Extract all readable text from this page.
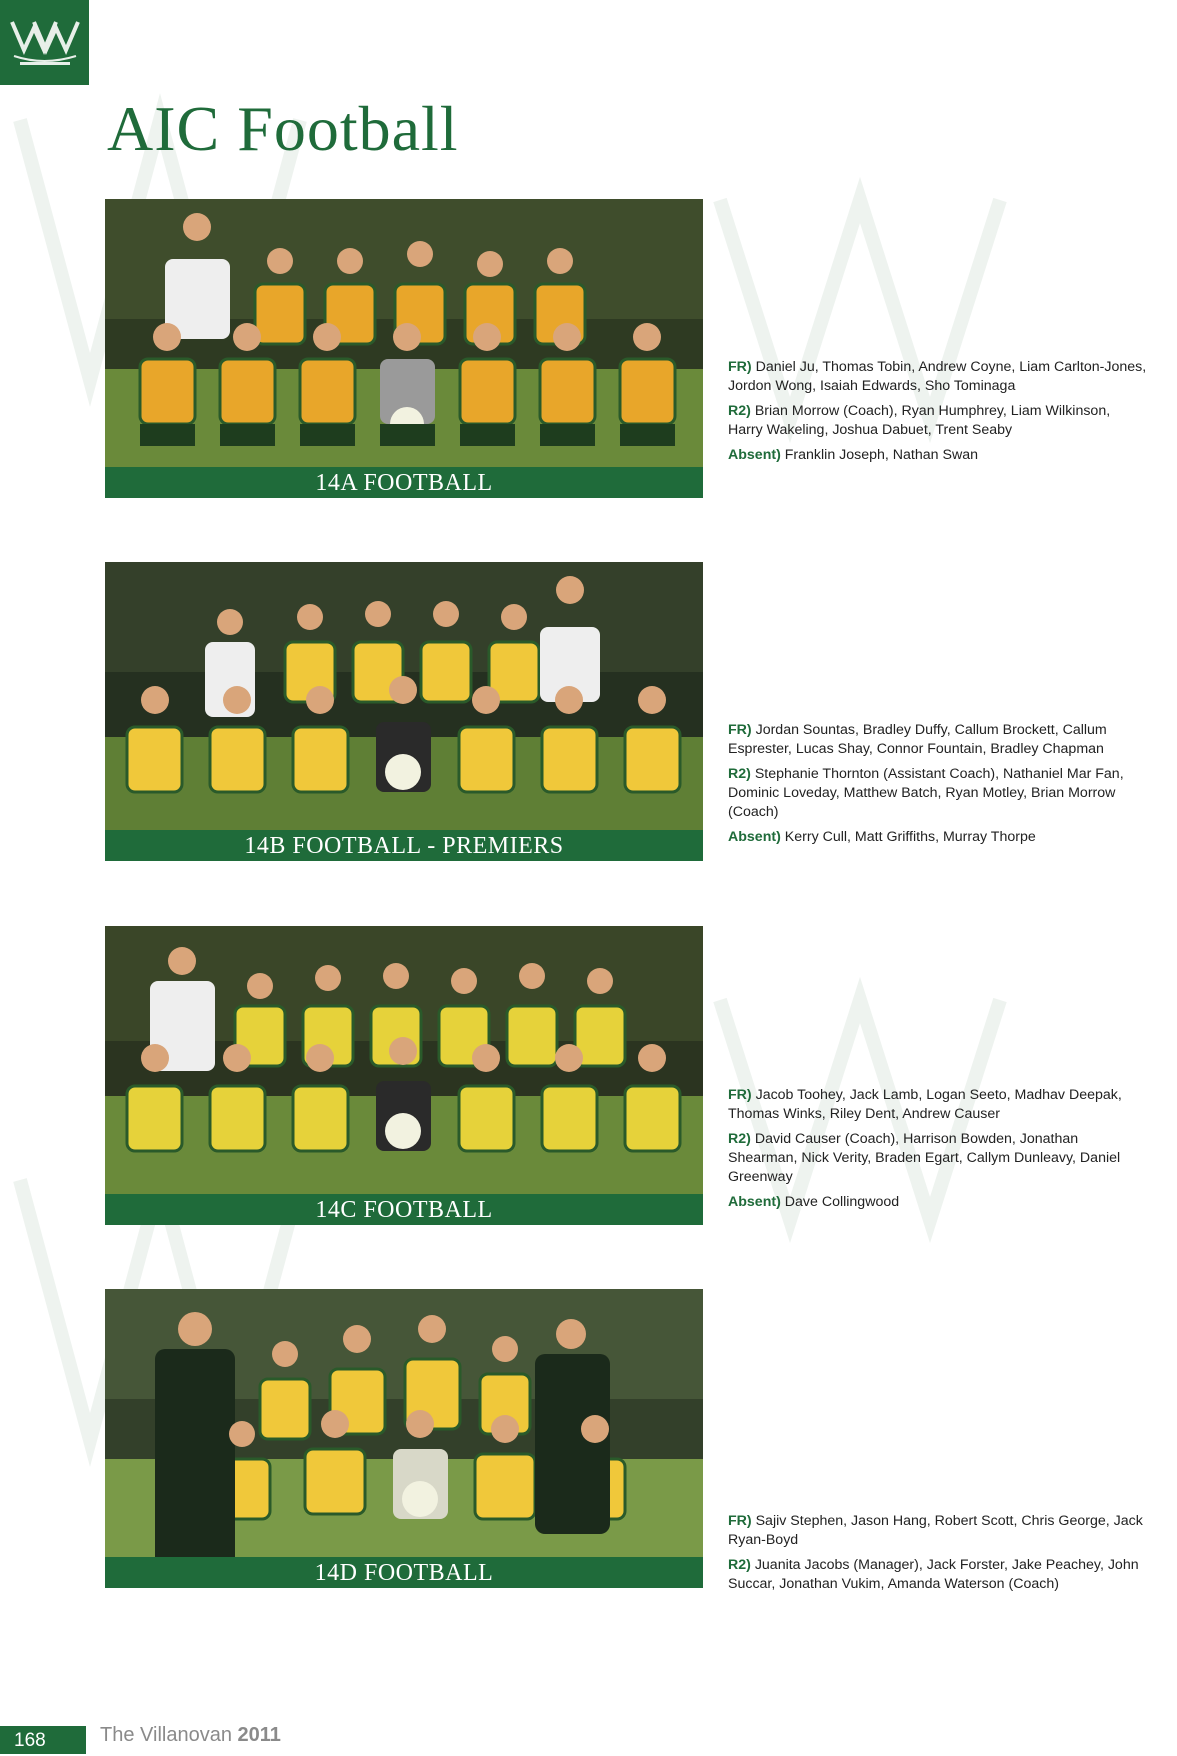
AIC Football
14A FOOTBALL

FR) Daniel Ju, Thomas Tobin, Andrew Coyne, Liam Carlton-Jones, Jordon Wong, Isaiah Edwards, Sho Tominaga

R2) Brian Morrow (Coach), Ryan Humphrey, Liam Wilkinson, Harry Wakeling, Joshua Dabuet, Trent Seaby

Absent) Franklin Joseph, Nathan Swan

14B FOOTBALL - PREMIERS

FR) Jordan Sountas, Bradley Duffy, Callum Brockett, Callum Esprester, Lucas Shay, Connor Fountain, Bradley Chapman

R2) Stephanie Thornton (Assistant Coach), Nathaniel Mar Fan, Dominic Loveday, Matthew Batch, Ryan Motley, Brian Morrow (Coach)

Absent) Kerry Cull, Matt Griffiths, Murray Thorpe

14C FOOTBALL

FR) Jacob Toohey, Jack Lamb, Logan Seeto, Madhav Deepak, Thomas Winks, Riley Dent, Andrew Causer

R2) David Causer (Coach), Harrison Bowden, Jonathan Shearman, Nick Verity, Braden Egart, Callym Dunleavy, Daniel Greenway

Absent) Dave Collingwood

14D FOOTBALL

FR) Sajiv Stephen, Jason Hang, Robert Scott, Chris George, Jack Ryan-Boyd

R2) Juanita Jacobs (Manager), Jack Forster, Jake Peachey, John Succar, Jonathan Vukim, Amanda Waterson (Coach)

168	The Villanovan 2011
